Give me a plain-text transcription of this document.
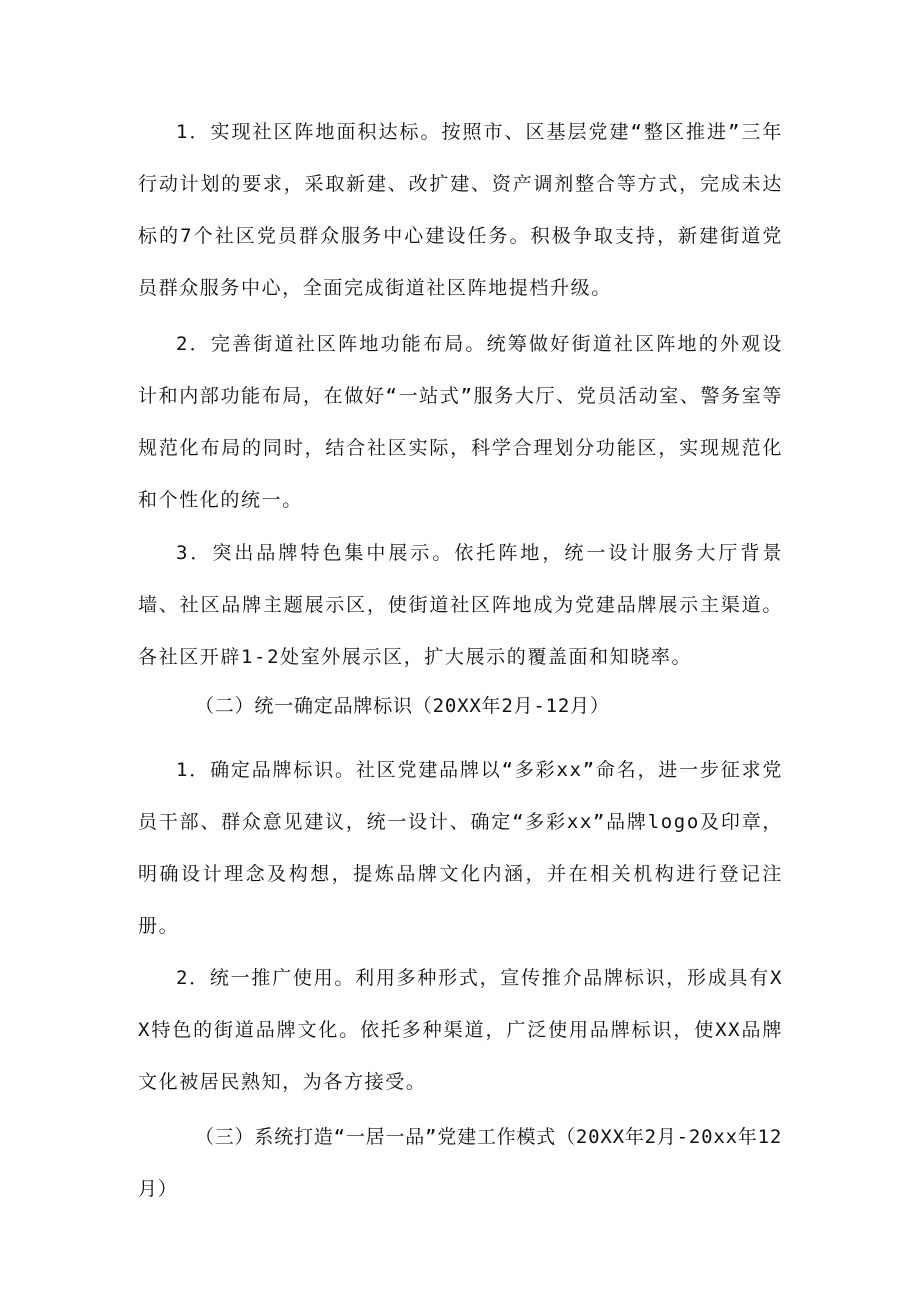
1．实现社区阵地面积达标。按照市、区基层党建“整区推进”三年行动计划的要求，采取新建、改扩建、资产调剂整合等方式，完成未达标的7个社区党员群众服务中心建设任务。积极争取支持，新建街道党员群众服务中心，全面完成街道社区阵地提档升级。

2．完善街道社区阵地功能布局。统筹做好街道社区阵地的外观设计和内部功能布局，在做好“一站式”服务大厅、党员活动室、警务室等规范化布局的同时，结合社区实际，科学合理划分功能区，实现规范化和个性化的统一。

3．突出品牌特色集中展示。依托阵地，统一设计服务大厅背景墙、社区品牌主题展示区，使街道社区阵地成为党建品牌展示主渠道。各社区开辟1-2处室外展示区，扩大展示的覆盖面和知晓率。

（二）统一确定品牌标识（20XX年2月-12月）

1．确定品牌标识。社区党建品牌以“多彩xx”命名，进一步征求党员干部、群众意见建议，统一设计、确定“多彩xx”品牌logo及印章，明确设计理念及构想，提炼品牌文化内涵，并在相关机构进行登记注册。

2．统一推广使用。利用多种形式，宣传推介品牌标识，形成具有XX特色的街道品牌文化。依托多种渠道，广泛使用品牌标识，使XX品牌文化被居民熟知，为各方接受。

（三）系统打造“一居一品”党建工作模式（20XX年2月-20xx年12月）
